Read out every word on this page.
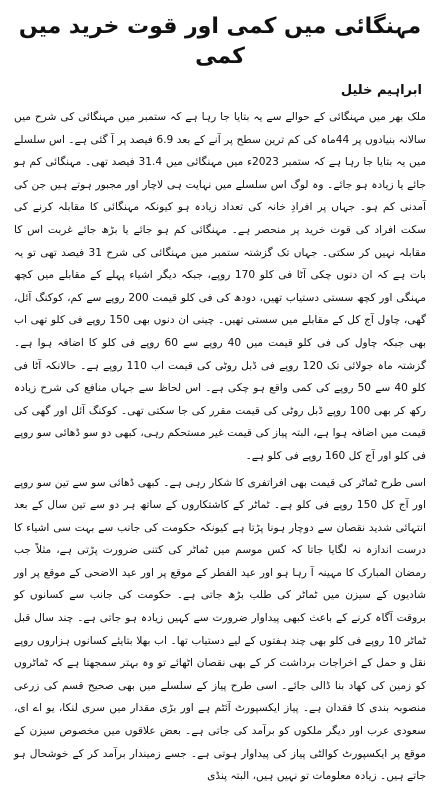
مہنگائی میں کمی اور قوت خرید میں کمی
ابراہیم خلیل

ملک بھر میں مہنگائی کے حوالے سے یہ بتایا جا رہا ہے کہ ستمبر میں مہنگائی کی شرح میں سالانہ بنیادوں پر 44ماہ کی کم ترین سطح پر آنے کے بعد 6.9 فیصد پر آ گئی ہے۔ اس سلسلے میں یہ بتایا جا رہا ہے کہ ستمبر 2023ء میں مہنگائی میں 31.4 فیصد تھی۔ مہنگائی کم ہو جائے یا زیادہ ہو جائے۔ وہ لوگ اس سلسلے میں نہایت ہی لاچار اور مجبور ہوتے ہیں جن کی آمدنی کم ہو۔ جہاں پر افرادِ خانہ کی تعداد زیادہ ہو کیونکہ مہنگائی کا مقابلہ کرنے کی سکت افراد کی قوت خرید پر منحصر ہے۔ مہنگائی کم ہو جائے یا بڑھ جائے غربت اس کا مقابلہ نہیں کر سکتی۔ جہاں تک گزشتہ ستمبر میں مہنگائی کی شرح 31 فیصد تھی تو یہ بات ہے کہ ان دنوں چکی آٹا فی کلو 170 روپے، جبکہ دیگر اشیاء پہلے کے مقابلے میں کچھ مہنگی اور کچھ سستی دستیاب تھیں، دودھ کی فی کلو قیمت 200 روپے سے کم، کوکنگ آئل، گھی، چاول آج کل کے مقابلے میں سستی تھیں۔ چینی ان دنوں بھی 150 روپے فی کلو تھی اب بھی جبکہ چاول کی فی کلو قیمت میں 40 روپے سے 60 روپے فی کلو کا اضافہ ہوا ہے۔ گزشتہ ماہ جولائی تک 120 روپے فی ڈبل روٹی کی قیمت اب 110 روپے ہے۔ حالانکہ آٹا فی کلو 40 سے 50 روپے کی کمی واقع ہو چکی ہے۔ اس لحاظ سے جہاں منافع کی شرح زیادہ رکھ کر بھی 100 روپے ڈبل روٹی کی قیمت مقرر کی جا سکتی تھی۔ کوکنگ آئل اور گھی کی قیمت میں اضافہ ہوا ہے، البتہ پیاز کی قیمت غیر مستحکم رہی، کبھی دو سو ڈھائی سو روپے فی کلو اور آج کل 160 روپے فی کلو ہے۔

اسی طرح ٹماٹر کی قیمت بھی افراتفری کا شکار رہی ہے۔ کبھی ڈھائی سو سے تین سو روپے اور آج کل 150 روپے فی کلو ہے۔ ٹماٹر کے کاشتکاروں کے ساتھ ہر دو سے تین سال کے بعد انتہائی شدید نقصان سے دوچار ہونا پڑتا ہے کیونکہ حکومت کی جانب سے بہت سی اشیاء کا درست اندازہ نہ لگایا جاتا کہ کس موسم میں ٹماٹر کی کتنی ضرورت پڑتی ہے، مثلاً جب رمضان المبارک کا مہینہ آ رہا ہو اور عید الفطر کے موقع پر اور عید الاضحی کے موقع پر اور شادیوں کے سیزن میں ٹماٹر کی طلب بڑھ جاتی ہے۔ حکومت کی جانب سے کسانوں کو بروقت آگاہ کرنے کے باعث کبھی پیداوار ضرورت سے کہیں زیادہ ہو جاتی ہے۔ چند سال قبل ٹماٹر 10 روپے فی کلو بھی چند ہفتوں کے لیے دستیاب تھا۔ اب بھلا بتایئے کسانوں ہزاروں روپے نقل و حمل کے اخراجات برداشت کر کے بھی نقصان اٹھائے تو وہ بہتر سمجھتا ہے کہ ٹماٹروں کو زمین کی کھاد بنا ڈالی جائے۔ اسی طرح پیاز کے سلسلے میں بھی صحیح قسم کی زرعی منصوبہ بندی کا فقدان ہے۔ پیاز ایکسپورٹ آئٹم ہے اور بڑی مقدار میں سری لنکا، یو اے ای، سعودی عرب اور دیگر ملکوں کو برآمد کی جاتی ہے۔ بعض علاقوں میں مخصوص سیزن کے موقع پر ایکسپورٹ کوالٹی پیاز کی پیداوار ہوتی ہے۔ جسے زمیندار برآمد کر کے خوشحال ہو جاتے ہیں۔ زیادہ معلومات تو نہیں ہیں، البتہ پنڈی
